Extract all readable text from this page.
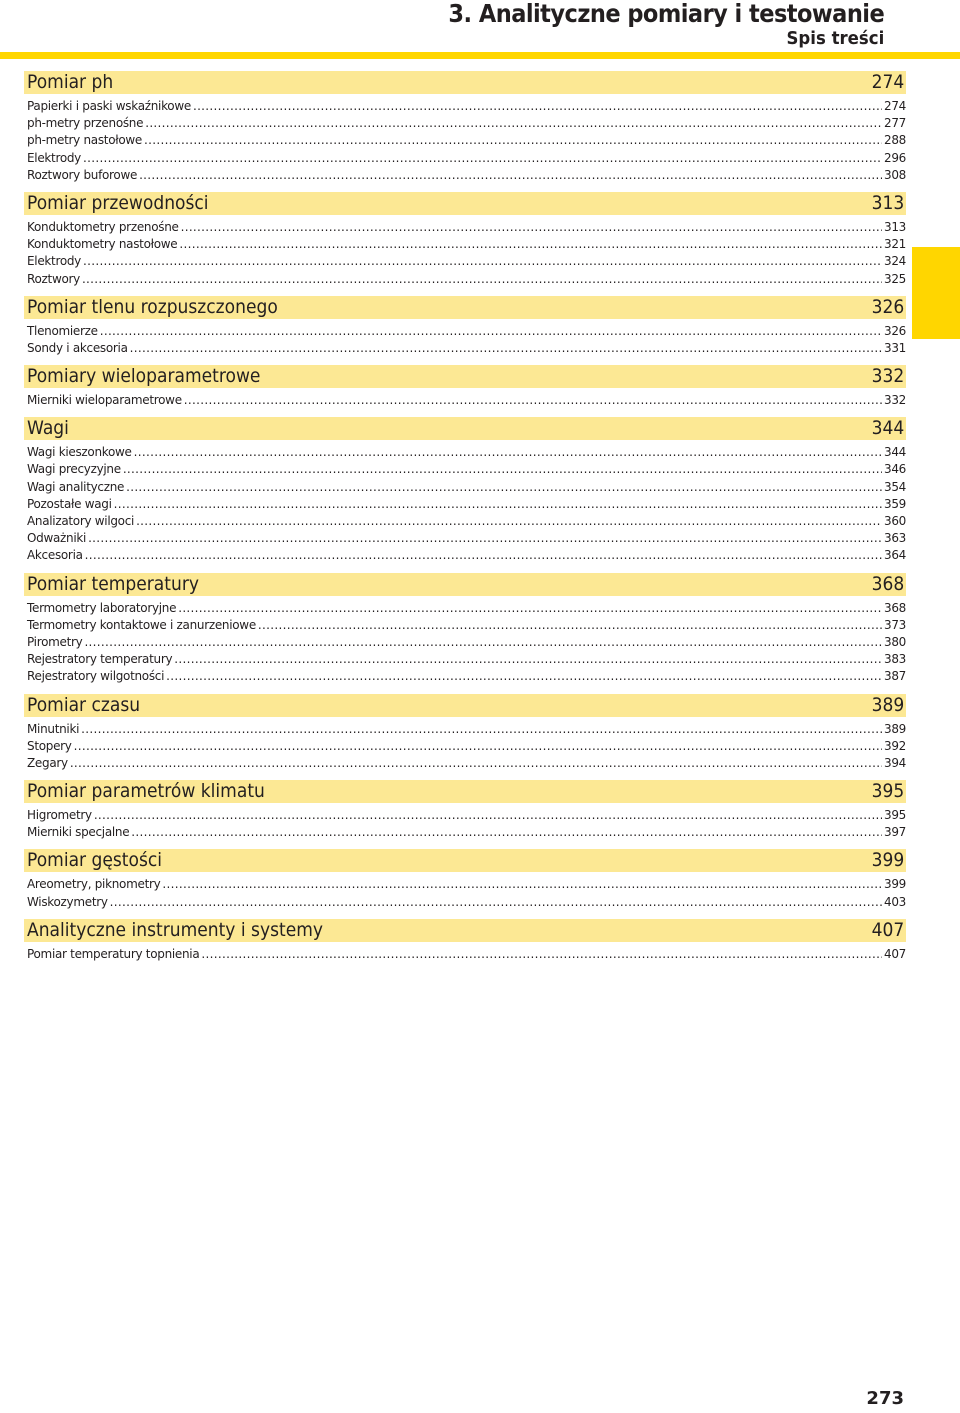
3. Analityczne pomiary i testowanie
Spis treści
Pomiar ph	274
Papierki i paski wskaźnikowe .....	274
ph-metry przenośne .....	277
ph-metry nastołowe .....	288
Elektrody .....	296
Roztwory buforowe .....	308
Pomiar przewodności	313
Konduktometry przenośne .....	313
Konduktometry nastołowe .....	321
Elektrody .....	324
Roztwory .....	325
Pomiar tlenu rozpuszczonego	326
Tlenomierze .....	326
Sondy i akcesoria .....	331
Pomiary wieloparametrowe	332
Mierniki wieloparametrowe .....	332
Wagi	344
Wagi kieszonkowe .....	344
Wagi precyzyjne .....	346
Wagi analityczne .....	354
Pozostałe wagi .....	359
Analizatory wilgoci .....	360
Odważniki .....	363
Akcesoria .....	364
Pomiar temperatury	368
Termometry laboratoryjne .....	368
Termometry kontaktowe i zanurzeniowe .....	373
Pirometry .....	380
Rejestratory temperatury .....	383
Rejestratory wilgotności .....	387
Pomiar czasu	389
Minutniki .....	389
Stopery .....	392
Zegary .....	394
Pomiar parametrów klimatu	395
Higrometry .....	395
Mierniki specjalne .....	397
Pomiar gęstości	399
Areometry, piknometry .....	399
Wiskozymetry .....	403
Analityczne instrumenty i systemy	407
Pomiar temperatury topnienia .....	407
273
